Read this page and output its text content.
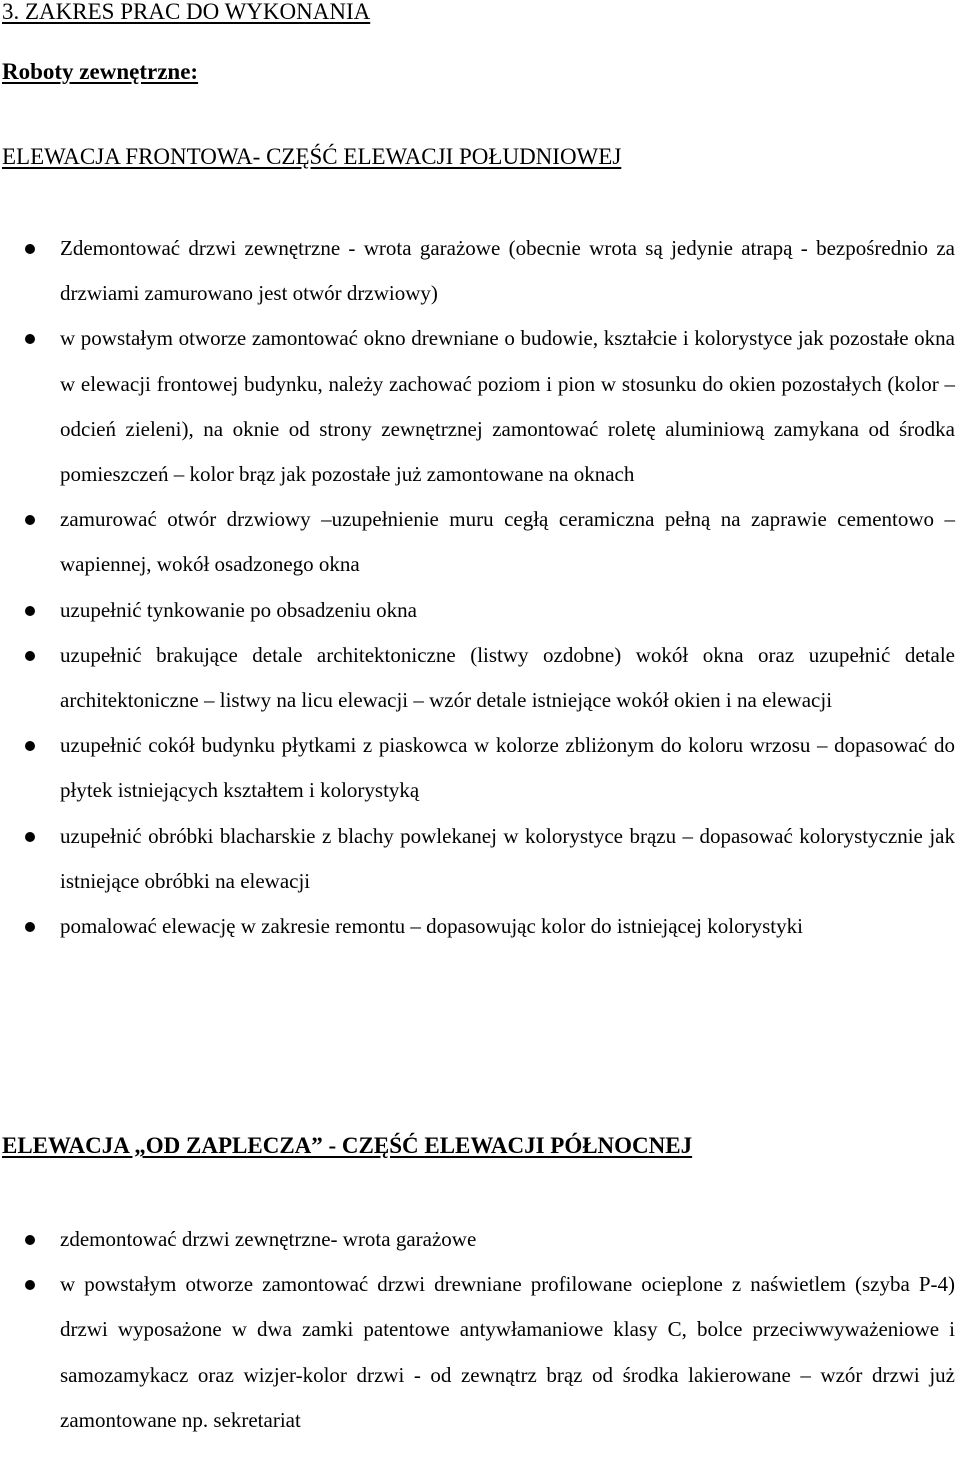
3. ZAKRES PRAC DO WYKONANIA
Roboty zewnętrzne:
ELEWACJA FRONTOWA- CZĘŚĆ ELEWACJI POŁUDNIOWEJ
Zdemontować drzwi zewnętrzne - wrota garażowe (obecnie wrota są jedynie atrapą - bezpośrednio za drzwiami zamurowano jest otwór drzwiowy)
w powstałym otworze zamontować okno drewniane o budowie, kształcie i kolorystyce jak pozostałe okna w elewacji frontowej budynku, należy zachować poziom i pion w stosunku do okien pozostałych (kolor – odcień zieleni), na oknie od strony zewnętrznej zamontować roletę aluminiową zamykana od środka pomieszczeń – kolor brąz jak pozostałe już zamontowane na oknach
zamurować otwór drzwiowy –uzupełnienie muru cegłą ceramiczna pełną na zaprawie cementowo – wapiennej, wokół osadzonego okna
uzupełnić tynkowanie po obsadzeniu okna
uzupełnić brakujące detale architektoniczne (listwy ozdobne) wokół okna oraz uzupełnić detale architektoniczne – listwy na licu elewacji – wzór detale istniejące wokół okien i na elewacji
uzupełnić cokół budynku płytkami z piaskowca w kolorze zbliżonym do koloru wrzosu – dopasować do płytek istniejących kształtem i kolorystyką
uzupełnić obróbki blacharskie z blachy powlekanej w kolorystyce brązu – dopasować kolorystycznie jak istniejące obróbki na elewacji
pomalować elewację w zakresie remontu – dopasowując kolor do istniejącej kolorystyki
ELEWACJA „OD ZAPLECZA” - CZĘŚĆ ELEWACJI PÓŁNOCNEJ
zdemontować drzwi zewnętrzne- wrota garażowe
w powstałym otworze zamontować drzwi drewniane profilowane ocieplone z naświetlem (szyba P-4) drzwi wyposażone w dwa zamki patentowe antywłamaniowe klasy C, bolce przeciwwyważeniowe i samozamykacz oraz wizjer-kolor drzwi - od zewnątrz brąz od środka lakierowane – wzór drzwi już zamontowane np. sekretariat
